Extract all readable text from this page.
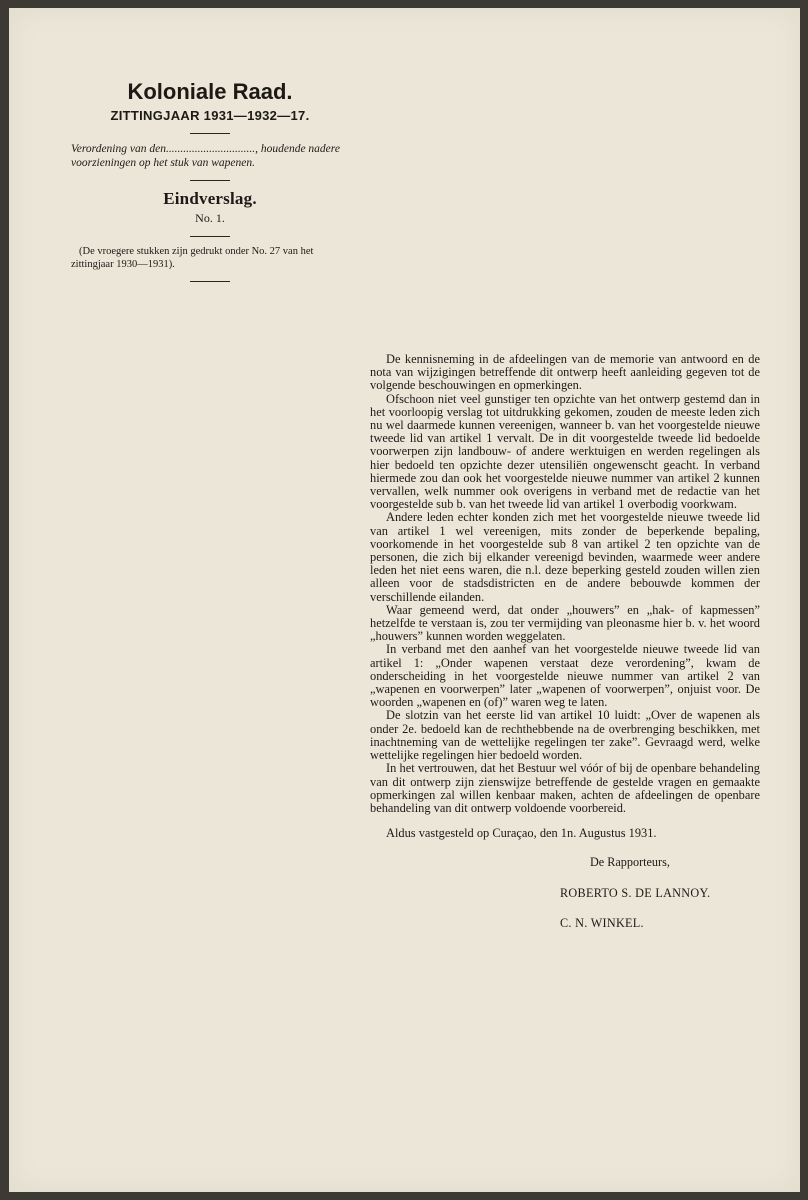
Koloniale Raad.
ZITTINGJAAR 1931—1932—17.

Verordening van den..............................., houdende nadere voorzieningen op het stuk van wapenen.

Eindverslag.
No. 1.
(De vroegere stukken zijn gedrukt onder No. 27 van het zittingjaar 1930—1931).

De kennisneming in de afdeelingen van de memorie van antwoord en de nota van wijzigingen betreffende dit ontwerp heeft aanleiding gegeven tot de volgende beschouwingen en opmerkingen.

Ofschoon niet veel gunstiger ten opzichte van het ontwerp gestemd dan in het voorloopig verslag tot uitdrukking gekomen, zouden de meeste leden zich nu wel daarmede kunnen vereenigen, wanneer b. van het voorgestelde nieuwe tweede lid van artikel 1 vervalt. De in dit voorgestelde tweede lid bedoelde voorwerpen zijn landbouw- of andere werktuigen en werden regelingen als hier bedoeld ten opzichte dezer utensiliën ongewenscht geacht. In verband hiermede zou dan ook het voorgestelde nieuwe nummer van artikel 2 kunnen vervallen, welk nummer ook overigens in verband met de redactie van het voorgestelde sub b. van het tweede lid van artikel 1 overbodig voorkwam.

Andere leden echter konden zich met het voorgestelde nieuwe tweede lid van artikel 1 wel vereenigen, mits zonder de beperkende bepaling, voorkomende in het voorgestelde sub 8 van artikel 2 ten opzichte van de personen, die zich bij elkander vereenigd bevinden, waarmede weer andere leden het niet eens waren, die n.l. deze beperking gesteld zouden willen zien alleen voor de stadsdistricten en de andere bebouwde kommen der verschillende eilanden.

Waar gemeend werd, dat onder „houwers” en „hak- of kapmessen” hetzelfde te verstaan is, zou ter vermijding van pleonasme hier b. v. het woord „houwers” kunnen worden weggelaten.

In verband met den aanhef van het voorgestelde nieuwe tweede lid van artikel 1: „Onder wapenen verstaat deze verordening”, kwam de onderscheiding in het voorgestelde nieuwe nummer van artikel 2 van „wapenen en voorwerpen” later „wapenen of voorwerpen”, onjuist voor. De woorden „wapenen en (of)” waren weg te laten.

De slotzin van het eerste lid van artikel 10 luidt: „Over de wapenen als onder 2e. bedoeld kan de rechthebbende na de overbrenging beschikken, met inachtneming van de wettelijke regelingen ter zake”. Gevraagd werd, welke wettelijke regelingen hier bedoeld worden.

In het vertrouwen, dat het Bestuur wel vóór of bij de openbare behandeling van dit ontwerp zijn zienswijze betreffende de gestelde vragen en gemaakte opmerkingen zal willen kenbaar maken, achten de afdeelingen de openbare behandeling van dit ontwerp voldoende voorbereid.

Aldus vastgesteld op Curaçao, den 1n. Augustus 1931.

De Rapporteurs,
ROBERTO S. DE LANNOY.
C. N. WINKEL.
